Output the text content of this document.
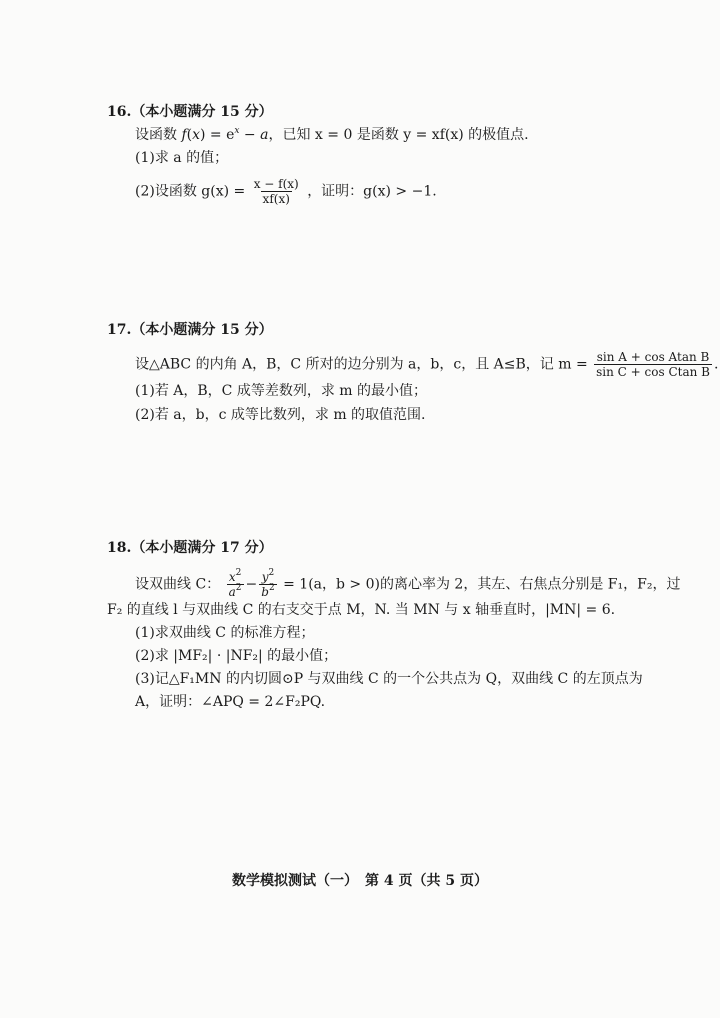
16.（本小题满分 15 分）
设函数 $f(x) = e^x - a$，已知 x = 0 是函数 y = xf(x) 的极值点.
(1)求 a 的值；
(2)设函数 $g(x) = \frac{x - f(x)}{xf(x)}$ ，证明：g(x) > −1.
17.（本小题满分 15 分）
设△ABC 的内角 A，B，C 所对的边分别为 a，b，c，且 A≤B，记 $m = \frac{\text{sin A + cos Atan B}}{\text{sin C + cos Ctan B}}$ .
(1)若 A，B，C 成等差数列，求 m 的最小值；
(2)若 a，b，c 成等比数列，求 m 的取值范围.
18.（本小题满分 17 分）
设双曲线 C： $\frac{x^2}{a^2} - \frac{y^2}{b^2} = 1(a$，b > 0)的离心率为 2，其左、右焦点分别是 F₁，F₂，过
F₂ 的直线 l 与双曲线 C 的右支交于点 M，N. 当 MN 与 x 轴垂直时，|MN| = 6.
(1)求双曲线 C 的标准方程；
(2)求 |MF₂| · |NF₂| 的最小值；
(3)记△F₁MN 的内切圆⊙P 与双曲线 C 的一个公共点为 Q，双曲线 C 的左顶点为
A，证明：∠APQ = 2∠F₂PQ.
数学模拟测试（一）　第 4 页（共 5 页）
